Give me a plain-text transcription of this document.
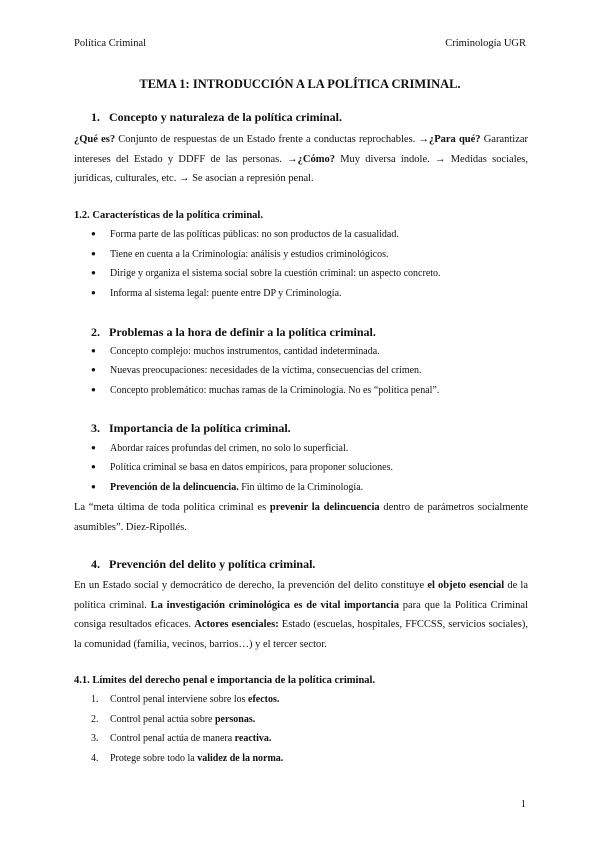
Política Criminal	Criminología UGR
TEMA 1: INTRODUCCIÓN A LA POLÍTICA CRIMINAL.
1. Concepto y naturaleza de la política criminal.
¿Qué es? Conjunto de respuestas de un Estado frente a conductas reprochables. →¿Para qué? Garantizar intereses del Estado y DDFF de las personas. →¿Cómo? Muy diversa índole. → Medidas sociales, jurídicas, culturales, etc. → Se asocian a represión penal.
1.2. Características de la política criminal.
● Forma parte de las políticas públicas: no son productos de la casualidad.
● Tiene en cuenta a la Criminología: análisis y estudios criminológicos.
● Dirige y organiza el sistema social sobre la cuestión criminal: un aspecto concreto.
● Informa al sistema legal: puente entre DP y Criminología.
2. Problemas a la hora de definir a la política criminal.
● Concepto complejo: muchos instrumentos, cantidad indeterminada.
● Nuevas preocupaciones: necesidades de la víctima, consecuencias del crimen.
● Concepto problemático: muchas ramas de la Criminología. No es “política penal”.
3. Importancia de la política criminal.
● Abordar raíces profundas del crimen, no solo lo superficial.
● Política criminal se basa en datos empíricos, para proponer soluciones.
● Prevención de la delincuencia. Fin último de la Criminología.
La “meta última de toda política criminal es prevenir la delincuencia dentro de parámetros socialmente asumibles”. Díez-Ripollés.
4. Prevención del delito y política criminal.
En un Estado social y democrático de derecho, la prevención del delito constituye el objeto esencial de la política criminal. La investigación criminológica es de vital importancia para que la Política Criminal consiga resultados eficaces. Actores esenciales: Estado (escuelas, hospitales, FFCCSS, servicios sociales), la comunidad (familia, vecinos, barrios…) y el tercer sector.
4.1. Límites del derecho penal e importancia de la política criminal.
1. Control penal interviene sobre los efectos.
2. Control penal actúa sobre personas.
3. Control penal actúa de manera reactiva.
4. Protege sobre todo la validez de la norma.
1
